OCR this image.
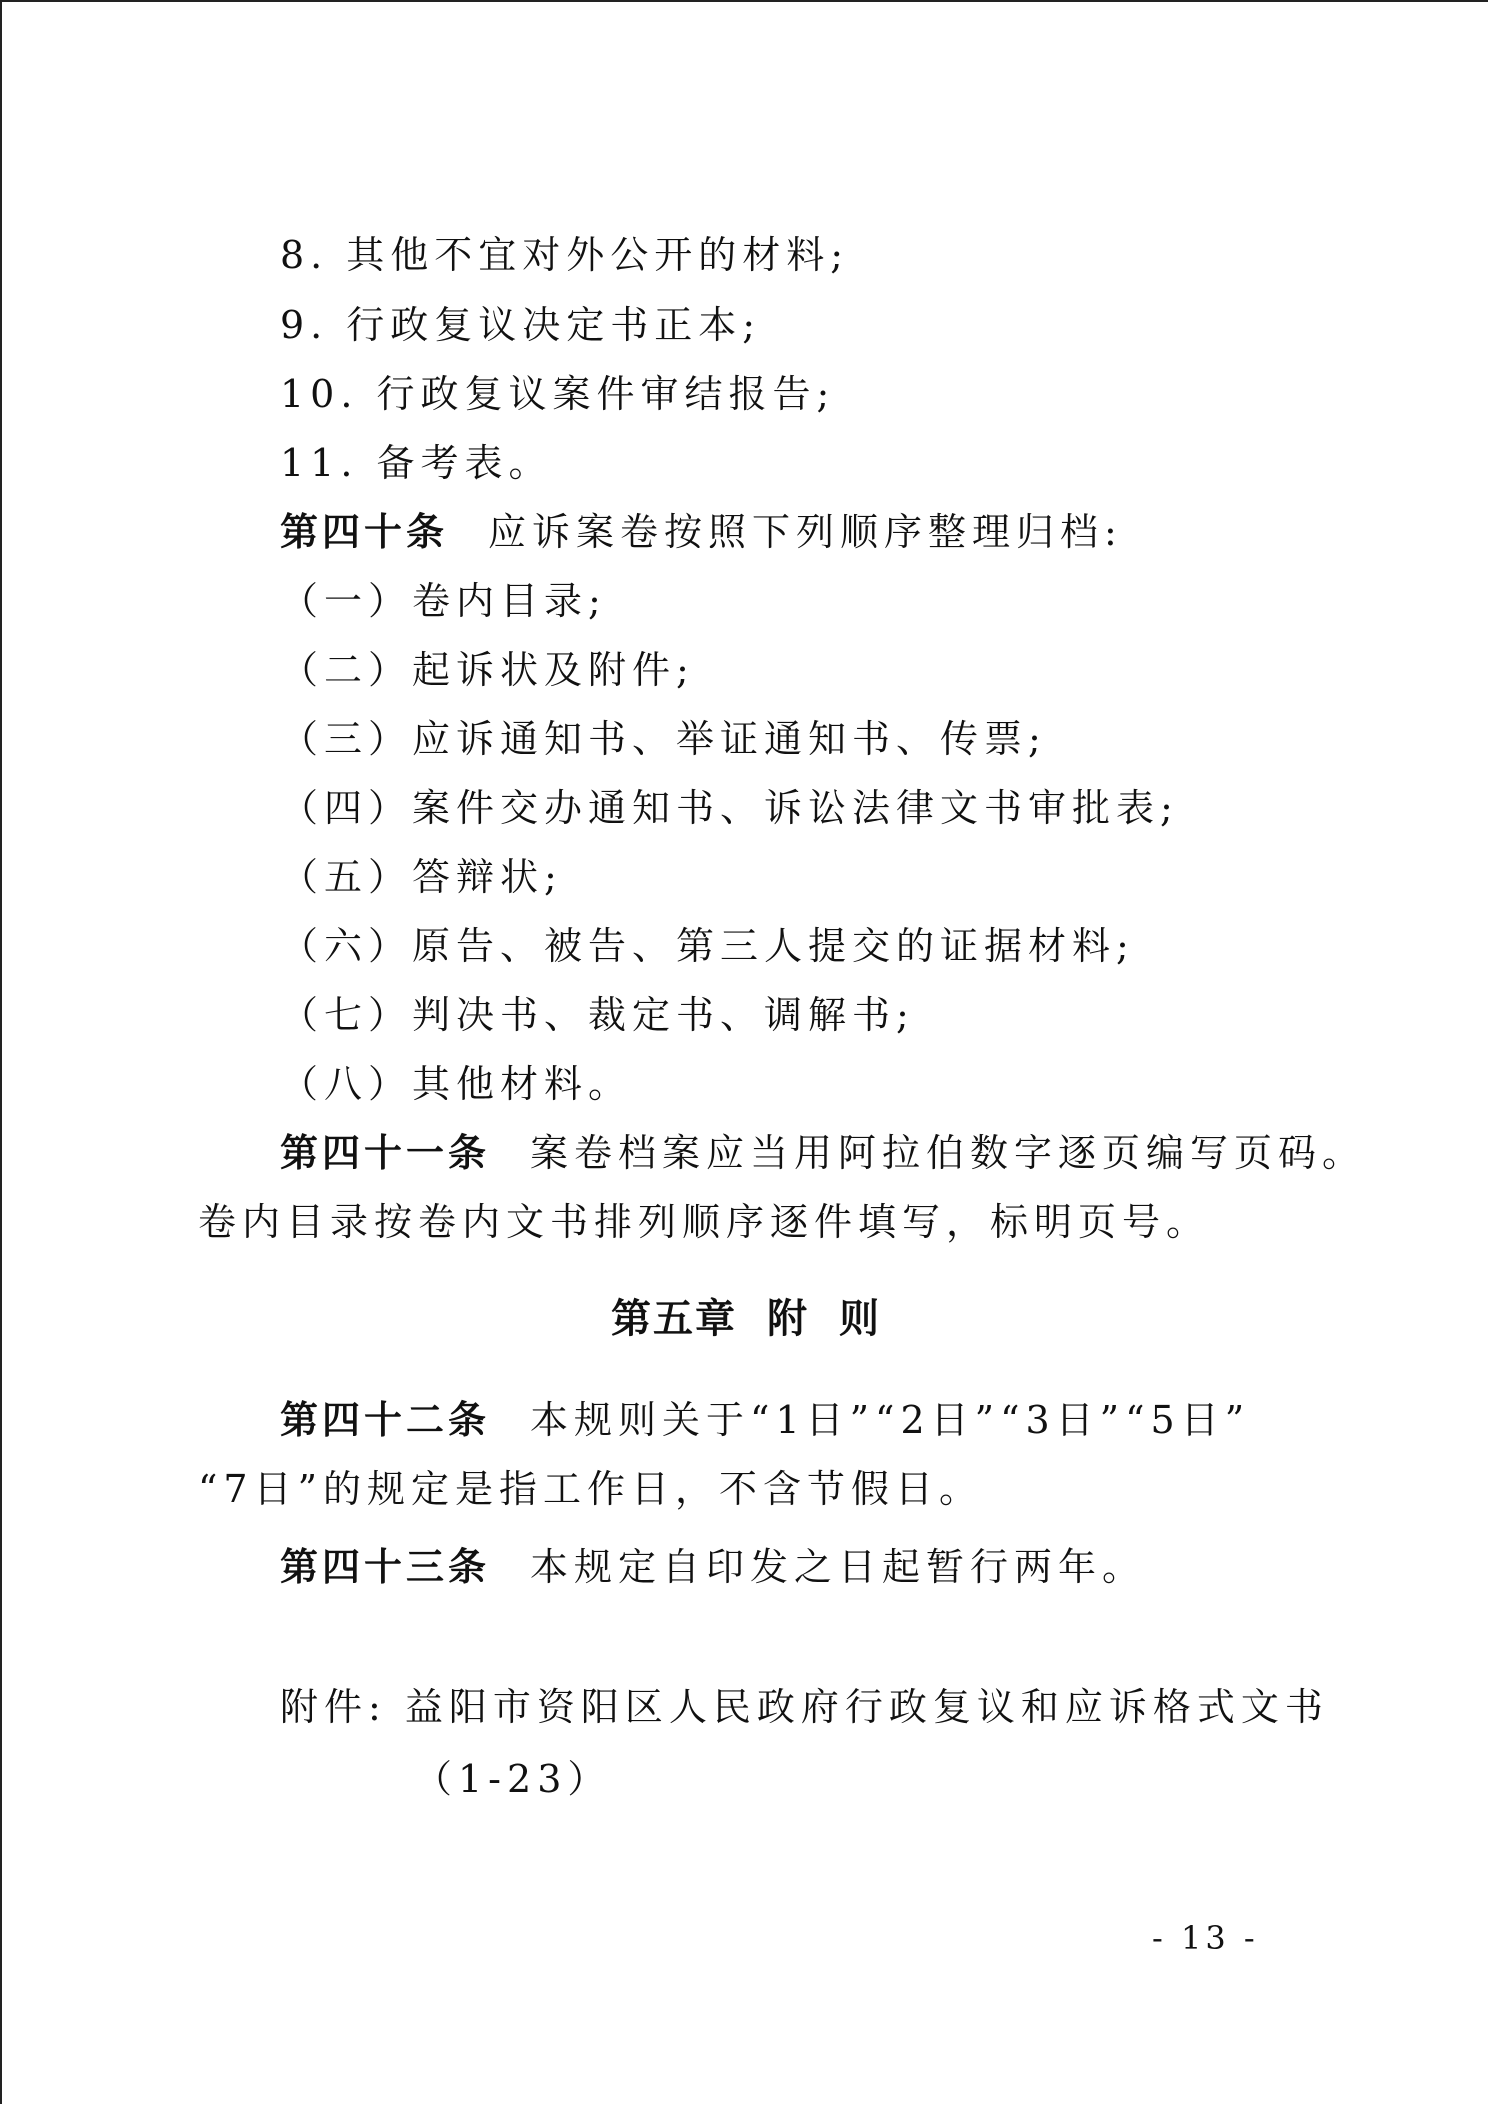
8. 其他不宜对外公开的材料;
9. 行政复议决定书正本;
10. 行政复议案件审结报告;
11. 备考表。
第四十条 应诉案卷按照下列顺序整理归档:
（一）卷内目录;
（二）起诉状及附件;
（三）应诉通知书、举证通知书、传票;
（四）案件交办通知书、诉讼法律文书审批表;
（五）答辩状;
（六）原告、被告、第三人提交的证据材料;
（七）判决书、裁定书、调解书;
（八）其他材料。
第四十一条 案卷档案应当用阿拉伯数字逐页编写页码。
卷内目录按卷内文书排列顺序逐件填写，标明页号。
第五章 附 则
第四十二条 本规则关于“1日”“2日”“3日”“5日”
“7日”的规定是指工作日，不含节假日。
第四十三条 本规定自印发之日起暂行两年。
附件: 益阳市资阳区人民政府行政复议和应诉格式文书
（1-23）
- 13 -
